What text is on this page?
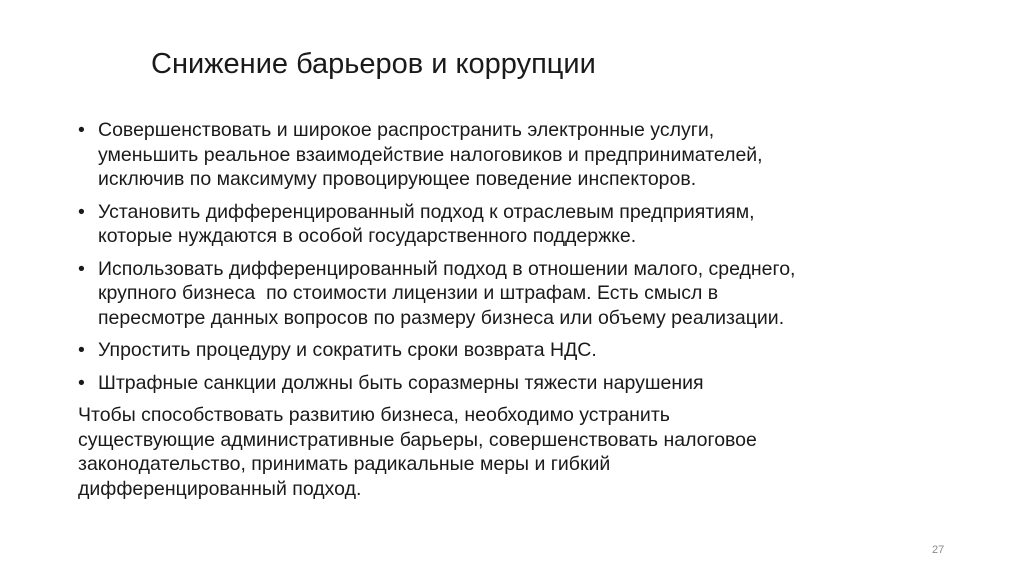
Снижение барьеров и коррупции
• Совершенствовать и широкое распространить электронные услуги,
уменьшить реальное взаимодействие налоговиков и предпринимателей,
исключив по максимуму провоцирующее поведение инспекторов.
• Установить дифференцированный подход к отраслевым предприятиям,
которые нуждаются в особой государственного поддержке.
• Использовать дифференцированный подход в отношении малого, среднего,
крупного бизнеса  по стоимости лицензии и штрафам. Есть смысл в
пересмотре данных вопросов по размеру бизнеса или объему реализации.
• Упростить процедуру и сократить сроки возврата НДС.
• Штрафные санкции должны быть соразмерны тяжести нарушения
Чтобы способствовать развитию бизнеса, необходимо устранить
существующие административные барьеры, совершенствовать налоговое
законодательство, принимать радикальные меры и гибкий
дифференцированный подход.
27
